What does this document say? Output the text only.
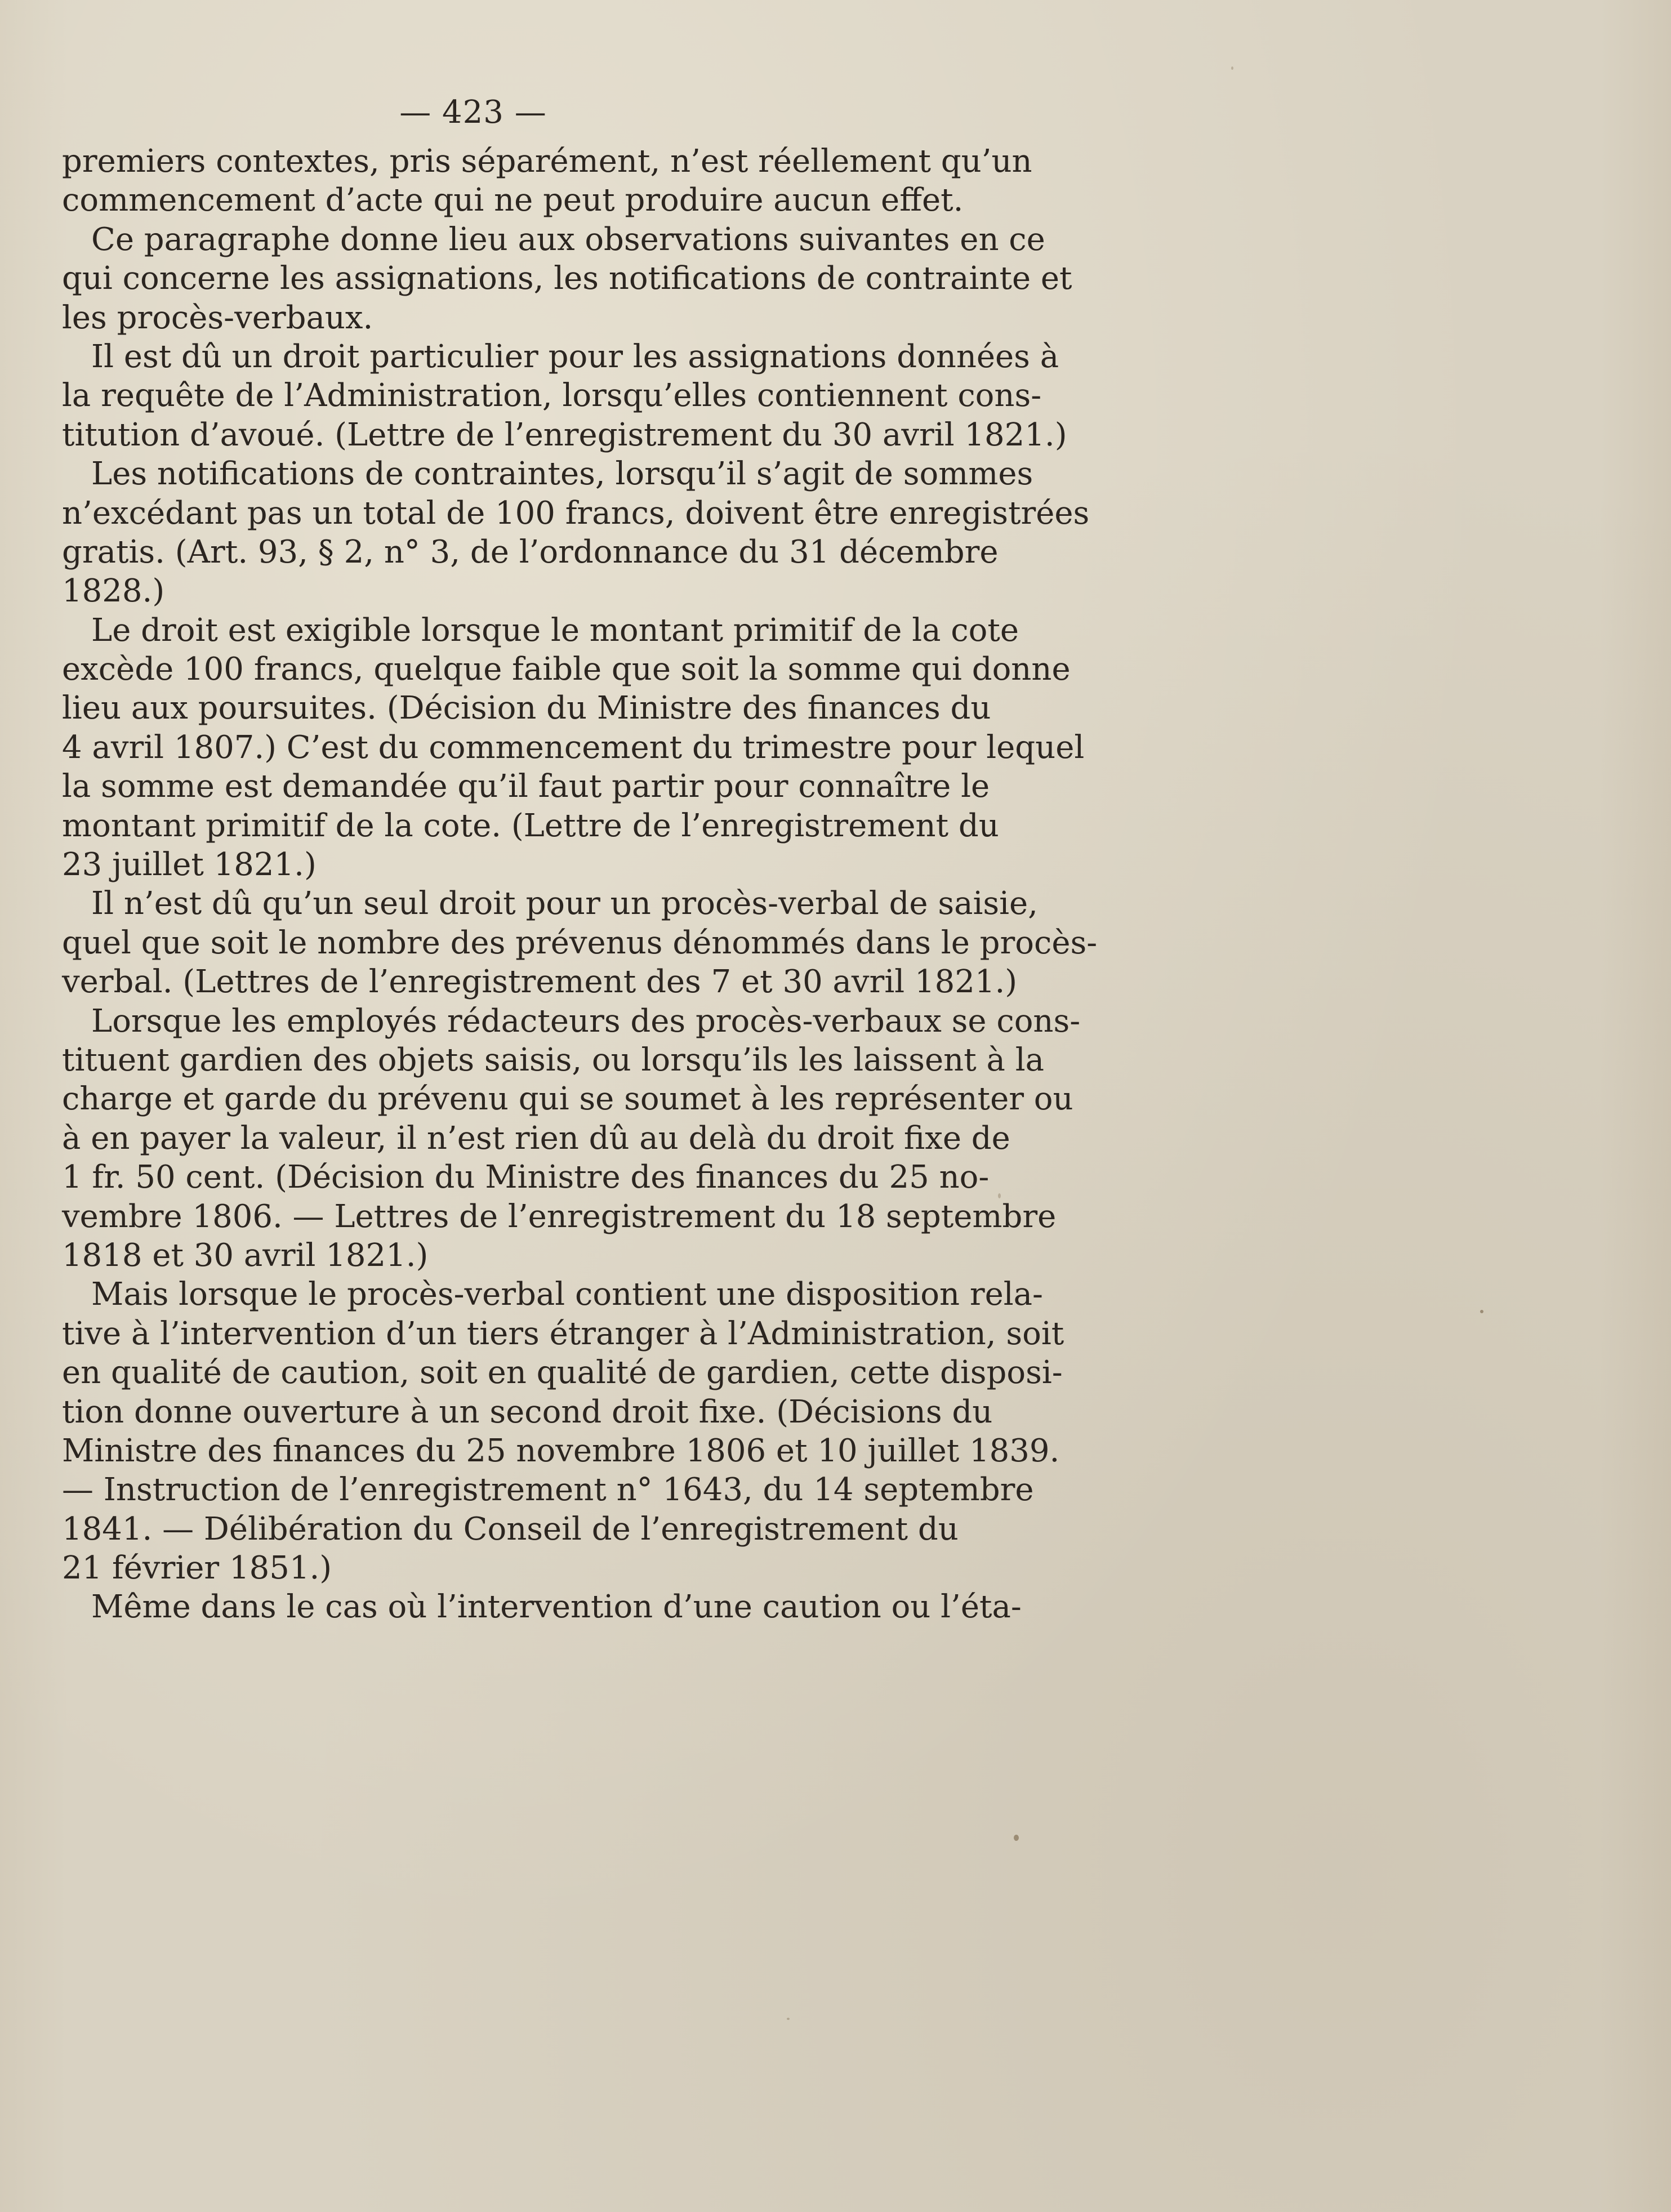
— 423 —
premiers contextes, pris séparément, n’est réellement qu’un
commencement d’acte qui ne peut produire aucun effet.
Ce paragraphe donne lieu aux observations suivantes en ce
qui concerne les assignations, les notifications de contrainte et
les procès-verbaux.
Il est dû un droit particulier pour les assignations données à
la requête de l’Administration, lorsqu’elles contiennent cons-
titution d’avoué. (Lettre de l’enregistrement du 30 avril 1821.)
Les notifications de contraintes, lorsqu’il s’agit de sommes
n’excédant pas un total de 100 francs, doivent être enregistrées
gratis. (Art. 93, § 2, n° 3, de l’ordonnance du 31 décembre
1828.)
Le droit est exigible lorsque le montant primitif de la cote
excède 100 francs, quelque faible que soit la somme qui donne
lieu aux poursuites. (Décision du Ministre des finances du
4 avril 1807.) C’est du commencement du trimestre pour lequel
la somme est demandée qu’il faut partir pour connaître le
montant primitif de la cote. (Lettre de l’enregistrement du
23 juillet 1821.)
Il n’est dû qu’un seul droit pour un procès-verbal de saisie,
quel que soit le nombre des prévenus dénommés dans le procès-
verbal. (Lettres de l’enregistrement des 7 et 30 avril 1821.)
Lorsque les employés rédacteurs des procès-verbaux se cons-
tituent gardien des objets saisis, ou lorsqu’ils les laissent à la
charge et garde du prévenu qui se soumet à les représenter ou
à en payer la valeur, il n’est rien dû au delà du droit fixe de
1 fr. 50 cent. (Décision du Ministre des finances du 25 no-
vembre 1806. — Lettres de l’enregistrement du 18 septembre
1818 et 30 avril 1821.)
Mais lorsque le procès-verbal contient une disposition rela-
tive à l’intervention d’un tiers étranger à l’Administration, soit
en qualité de caution, soit en qualité de gardien, cette disposi-
tion donne ouverture à un second droit fixe. (Décisions du
Ministre des finances du 25 novembre 1806 et 10 juillet 1839.
— Instruction de l’enregistrement n° 1643, du 14 septembre
1841. — Délibération du Conseil de l’enregistrement du
21 février 1851.)
Même dans le cas où l’intervention d’une caution ou l’éta-
